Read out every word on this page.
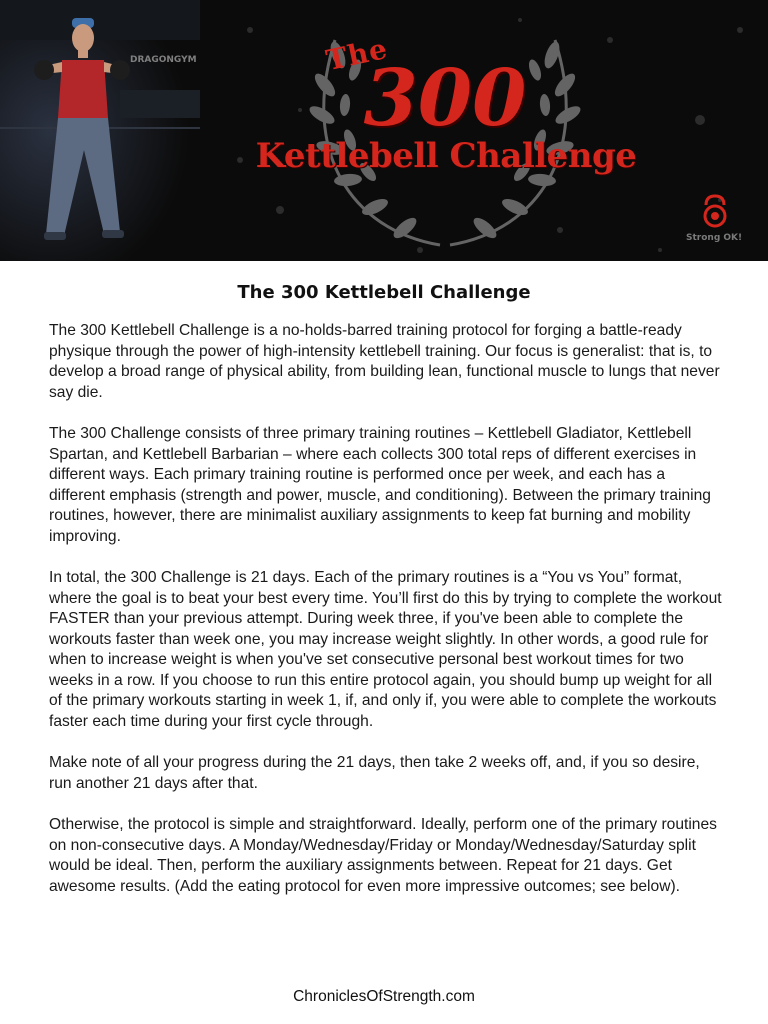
DRAGONGYM	The
300
Kettlebell Challenge
Strong OK!
The 300 Kettlebell Challenge

The 300 Kettlebell Challenge is a no-holds-barred training protocol for forging a battle-ready physique through the power of high-intensity kettlebell training. Our focus is generalist: that is, to develop a broad range of physical ability, from building lean, functional muscle to lungs that never say die.

The 300 Challenge consists of three primary training routines – Kettlebell Gladiator, Kettlebell Spartan, and Kettlebell Barbarian – where each collects 300 total reps of different exercises in different ways. Each primary training routine is performed once per week, and each has a different emphasis (strength and power, muscle, and conditioning). Between the primary training routines, however, there are minimalist auxiliary assignments to keep fat burning and mobility improving.

In total, the 300 Challenge is 21 days. Each of the primary routines is a “You vs You” format, where the goal is to beat your best every time. You’ll first do this by trying to complete the workout FASTER than your previous attempt. During week three, if you've been able to complete the workouts faster than week one, you may increase weight slightly. In other words, a good rule for when to increase weight is when you've set consecutive personal best workout times for two weeks in a row. If you choose to run this entire protocol again, you should bump up weight for all of the primary workouts starting in week 1, if, and only if, you were able to complete the workouts faster each time during your first cycle through.

Make note of all your progress during the 21 days, then take 2 weeks off, and, if you so desire, run another 21 days after that.

Otherwise, the protocol is simple and straightforward. Ideally, perform one of the primary routines on non-consecutive days. A Monday/Wednesday/Friday or Monday/Wednesday/Saturday split would be ideal. Then, perform the auxiliary assignments between. Repeat for 21 days. Get awesome results. (Add the eating protocol for even more impressive outcomes; see below).

ChroniclesOfStrength.com
